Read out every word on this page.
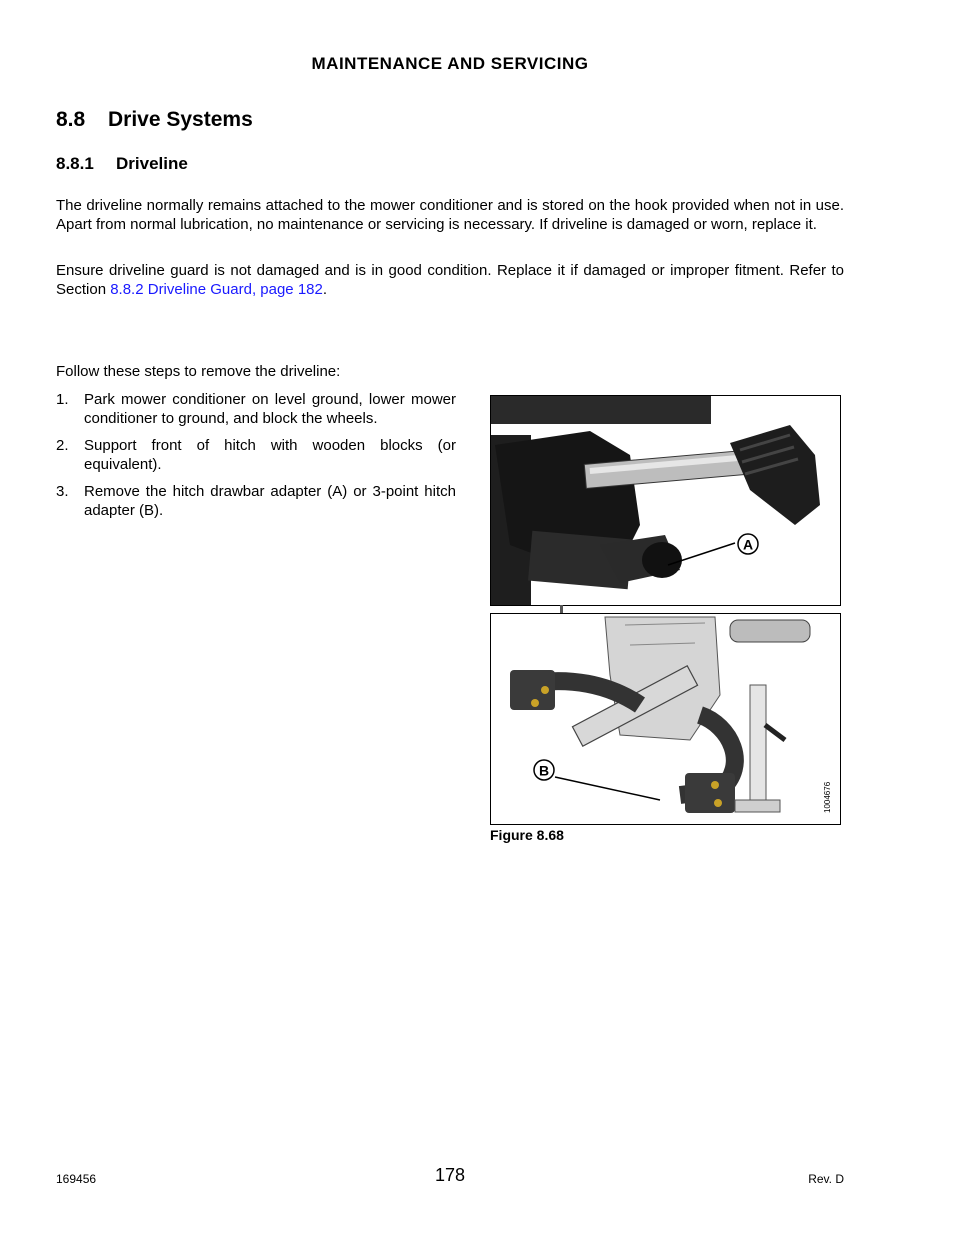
MAINTENANCE AND SERVICING
8.8 Drive Systems
8.8.1 Driveline
The driveline normally remains attached to the mower conditioner and is stored on the hook provided when not in use. Apart from normal lubrication, no maintenance or servicing is necessary. If driveline is damaged or worn, replace it.
Ensure driveline guard is not damaged and is in good condition. Replace it if damaged or improper fitment. Refer to Section 8.8.2 Driveline Guard, page 182.
Follow these steps to remove the driveline:
1.	Park mower conditioner on level ground, lower mower conditioner to ground, and block the wheels.
2.	Support front of hitch with wooden blocks (or equivalent).
3.	Remove the hitch drawbar adapter (A) or 3-point hitch adapter (B).
A
B
1004676
Figure 8.68
169456	178	Rev. D
